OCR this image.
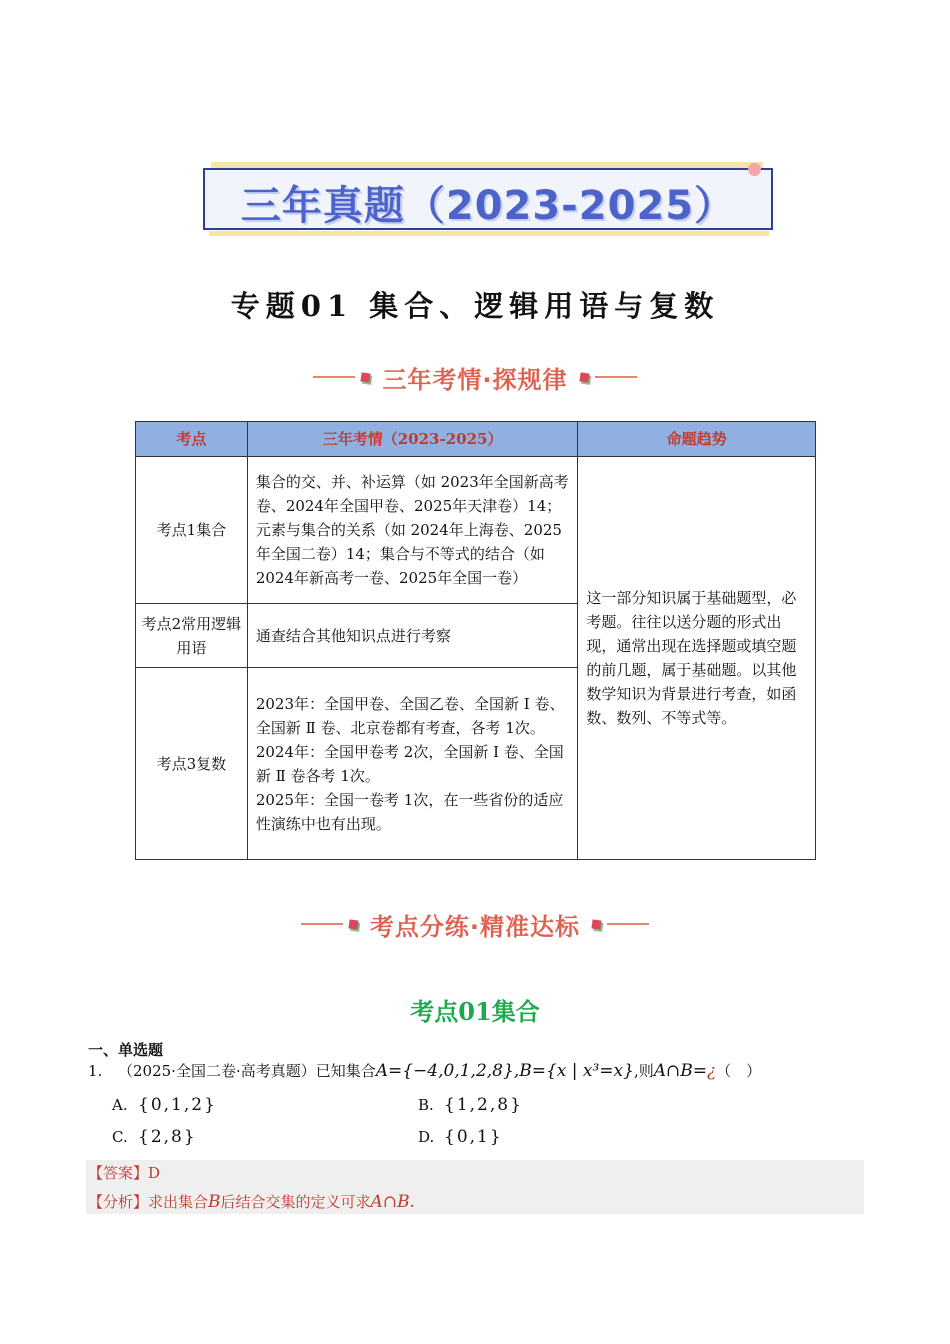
三年真题（2023-2025）
专题01 集合、逻辑用语与复数
三年考情·探规律
考点	三年考情（2023-2025）	命题趋势
考点1集合	集合的交、并、补运算（如 2023年全国新高考卷、2024年全国甲卷、2025年天津卷）14；元素与集合的关系（如 2024年上海卷、2025年全国二卷）14；集合与不等式的结合（如 2024年新高考一卷、2025年全国一卷）	这一部分知识属于基础题型，必考题。往往以送分题的形式出现，通常出现在选择题或填空题的前几题，属于基础题。以其他数学知识为背景进行考查，如函数、数列、不等式等。
考点2常用逻辑用语	通查结合其他知识点进行考察	
考点3复数	2023年：全国甲卷、全国乙卷、全国新 Ⅰ 卷、全国新 Ⅱ 卷、北京卷都有考查，各考 1次。
2024年：全国甲卷考 2次，全国新 Ⅰ 卷、全国新 Ⅱ 卷各考 1次。
2025年：全国一卷考 1次，在一些省份的适应性演练中也有出现。	
考点分练·精准达标
考点01集合
一、单选题
1. （2025·全国二卷·高考真题）已知集合A={−4,0,1,2,8},B={x | x³=x},则A∩B=¿（　）
A. {0,1,2}	B. {1,2,8}
C. {2,8}	D. {0,1}
【答案】D
【分析】求出集合B后结合交集的定义可求A∩B.
